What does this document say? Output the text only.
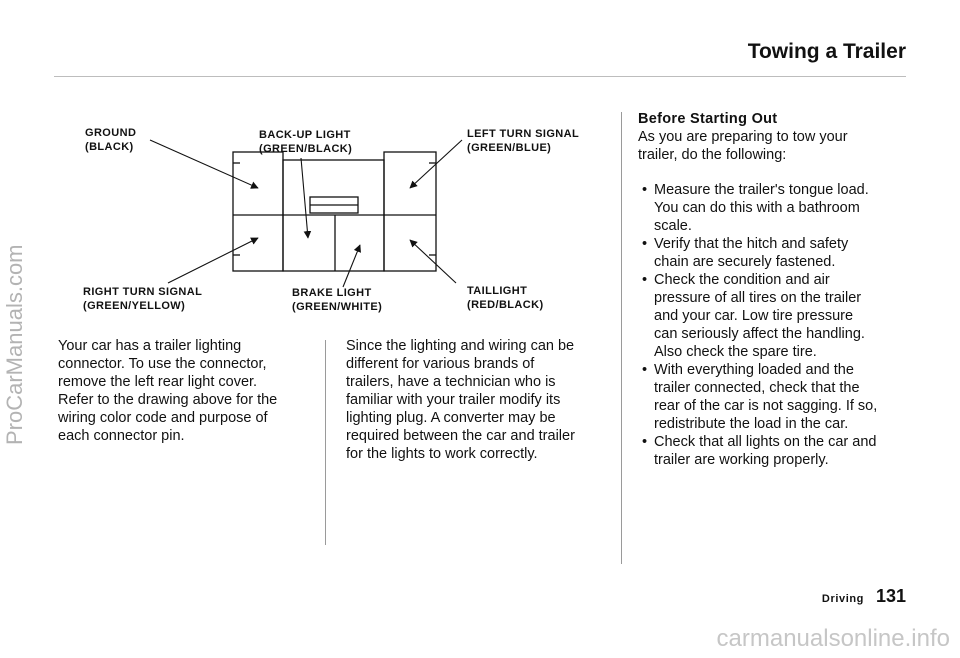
Towing a Trailer
GROUND
(BLACK)
BACK-UP LIGHT
(GREEN/BLACK)
LEFT TURN SIGNAL
(GREEN/BLUE)
RIGHT TURN SIGNAL
(GREEN/YELLOW)
BRAKE LIGHT
(GREEN/WHITE)
TAILLIGHT
(RED/BLACK)
Your car has a trailer lighting
connector. To use the connector,
remove the left rear light cover.
Refer to the drawing above for the
wiring color code and purpose of
each connector pin.
Since the lighting and wiring can be
different for various brands of
trailers, have a technician who is
familiar with your trailer modify its
lighting plug. A converter may be
required between the car and trailer
for the lights to work correctly.
Before Starting Out
As you are preparing to tow your
trailer, do the following:
• Measure the trailer's tongue load.
You can do this with a bathroom
scale.
• Verify that the hitch and safety
chain are securely fastened.
• Check the condition and air
pressure of all tires on the trailer
and your car. Low tire pressure
can seriously affect the handling.
Also check the spare tire.
• With everything loaded and the
trailer connected, check that the
rear of the car is not sagging. If so,
redistribute the load in the car.
• Check that all lights on the car and
trailer are working properly.
Driving 131
ProCarManuals.com
carmanualsonline.info
